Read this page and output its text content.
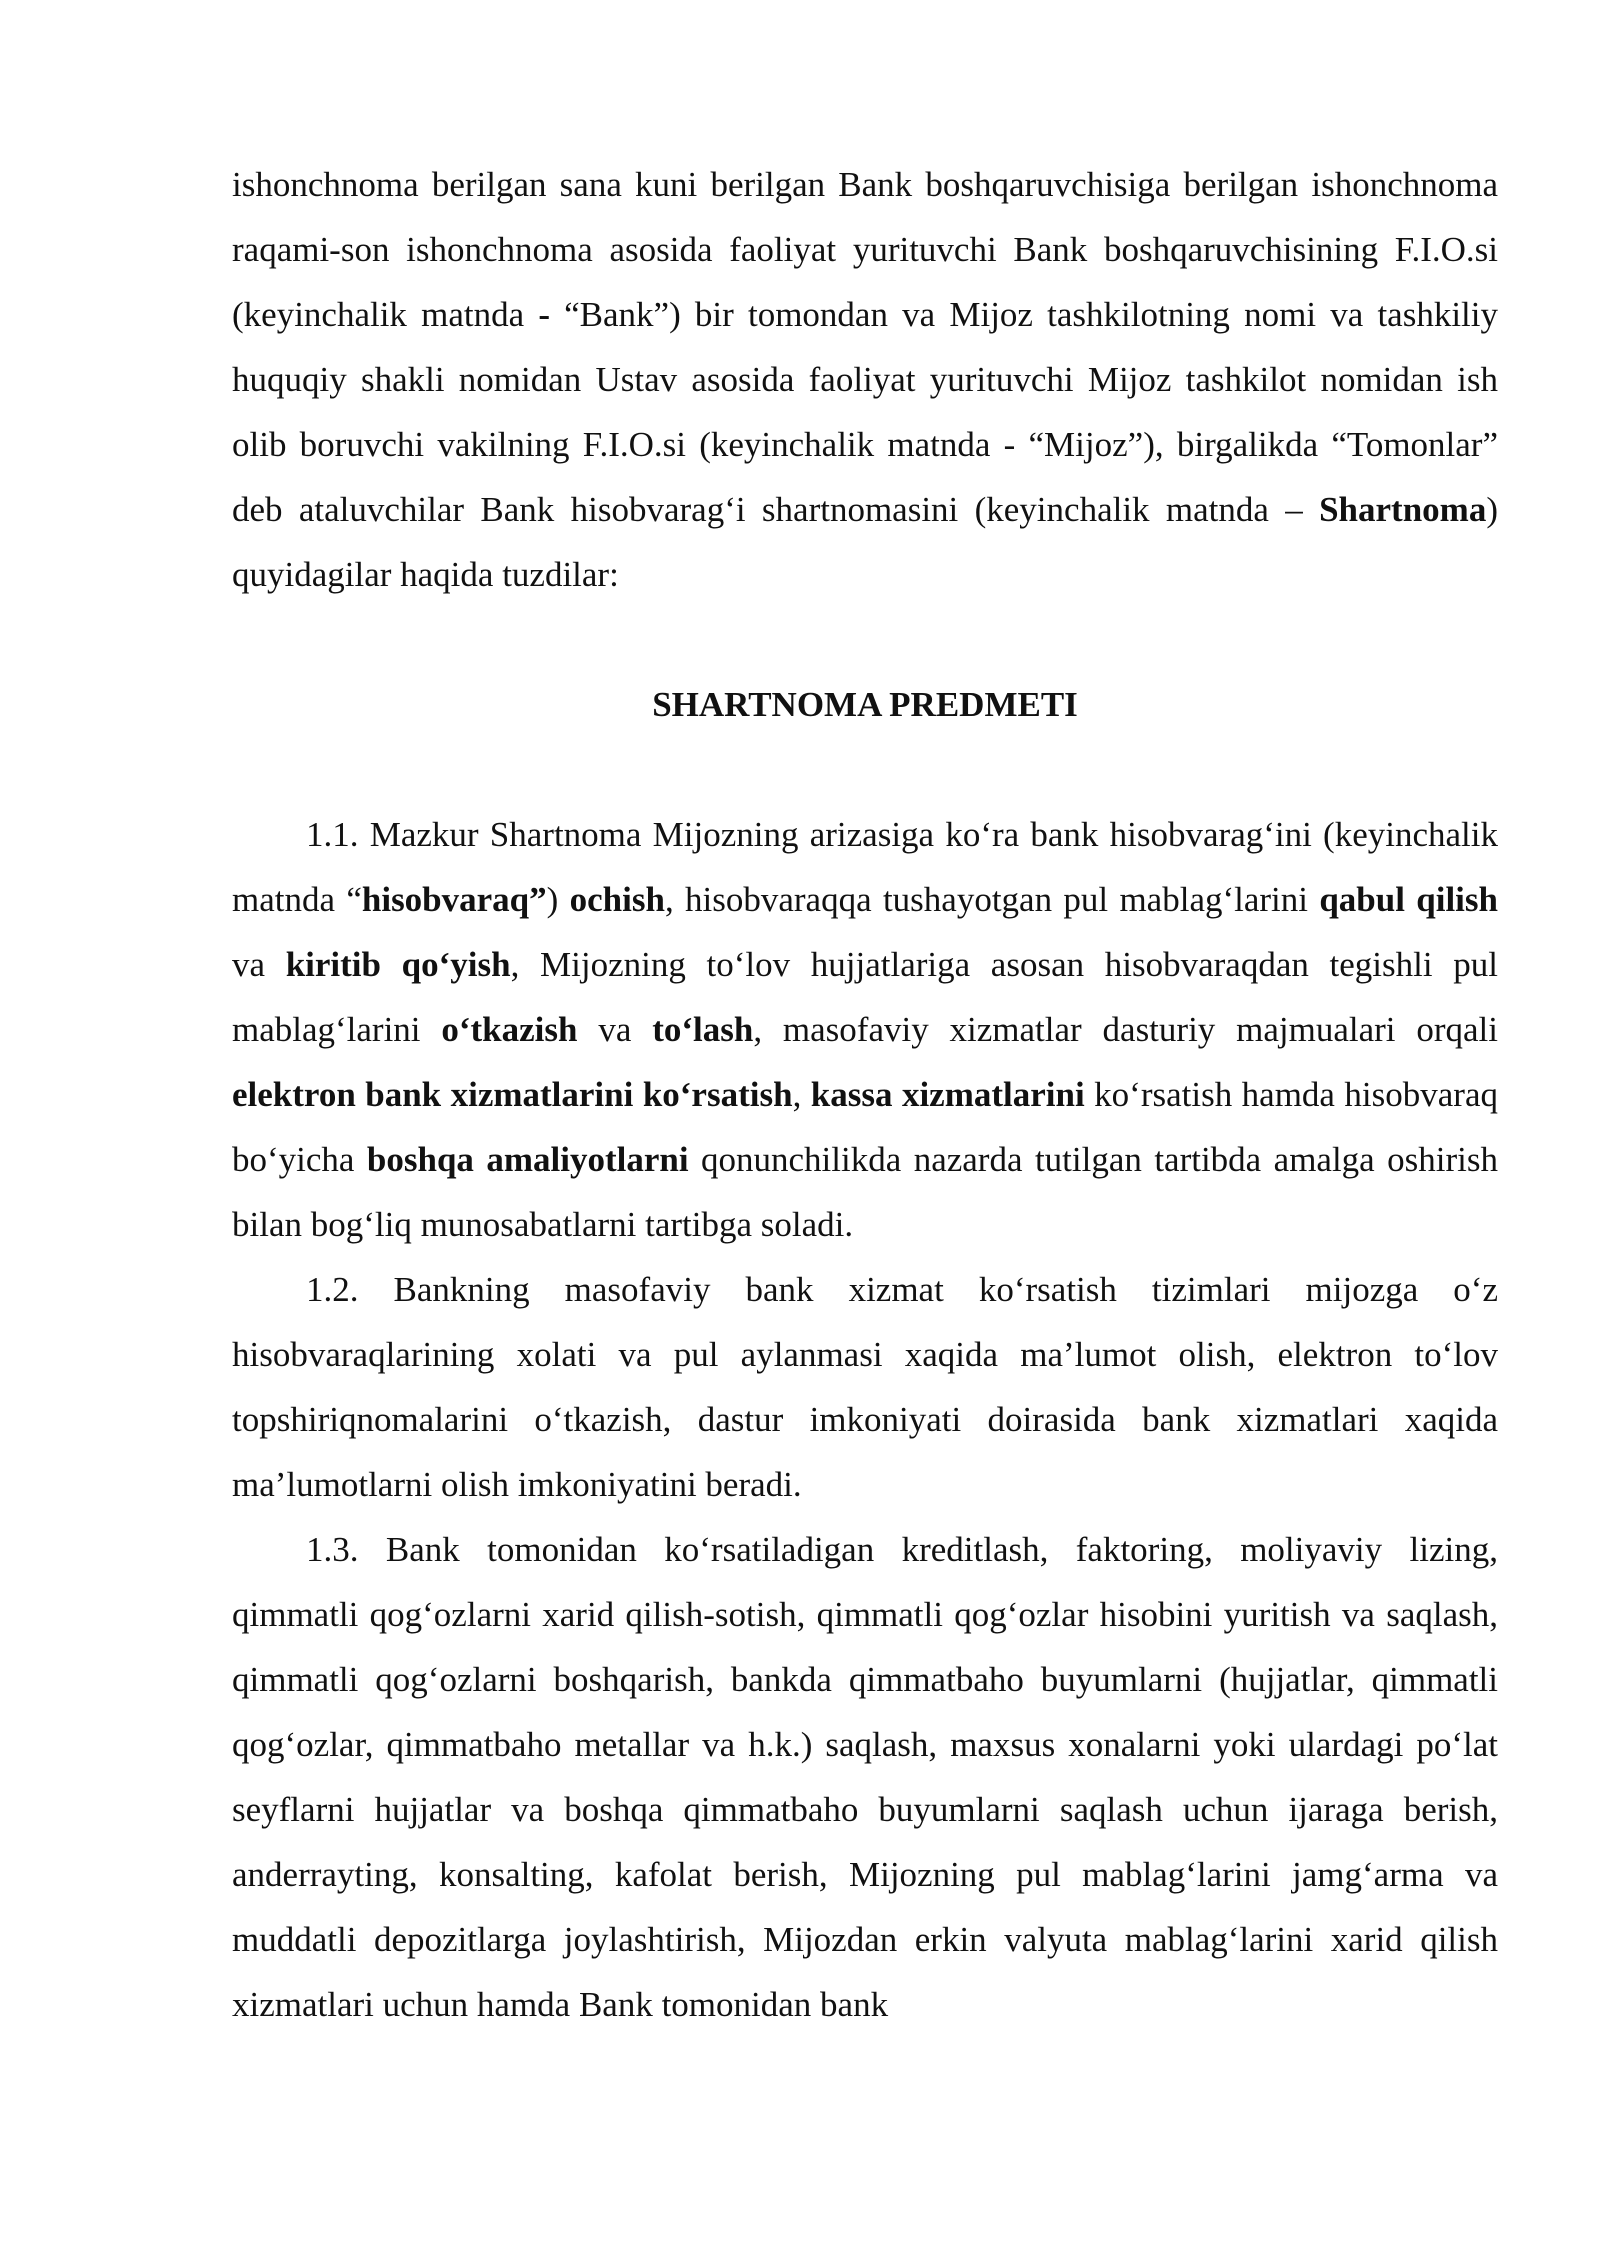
ishonchnoma berilgan sana kuni berilgan Bank boshqaruvchisiga berilgan ishonchnoma raqami-son ishonchnoma asosida faoliyat yurituvchi Bank boshqaruvchisining F.I.O.si (keyinchalik matnda - “Bank”) bir tomondan va Mijoz tashkilotning nomi va tashkiliy huquqiy shakli nomidan Ustav asosida faoliyat yurituvchi Mijoz tashkilot nomidan ish olib boruvchi vakilning F.I.O.si (keyinchalik matnda - “Mijoz”), birgalikda “Tomonlar” deb ataluvchilar Bank hisobvarag‘i shartnomasini (keyinchalik matnda – Shartnoma) quyidagilar haqida tuzdilar:

SHARTNOMA PREDMETI

1.1. Mazkur Shartnoma Mijozning arizasiga ko‘ra bank hisobvarag‘ini (keyinchalik matnda “hisobvaraq”) ochish, hisobvaraqqa tushayotgan pul mablag‘larini qabul qilish va kiritib qo‘yish, Mijozning to‘lov hujjatlariga asosan hisobvaraqdan tegishli pul mablag‘larini o‘tkazish va to‘lash, masofaviy xizmatlar dasturiy majmualari orqali elektron bank xizmatlarini ko‘rsatish, kassa xizmatlarini ko‘rsatish hamda hisobvaraq bo‘yicha boshqa amaliyotlarni qonunchilikda nazarda tutilgan tartibda amalga oshirish bilan bog‘liq munosabatlarni tartibga soladi.

1.2. Bankning masofaviy bank xizmat ko‘rsatish tizimlari mijozga o‘z hisobvaraqlarining xolati va pul aylanmasi xaqida ma’lumot olish, elektron to‘lov topshiriqnomalarini o‘tkazish, dastur imkoniyati doirasida bank xizmatlari xaqida ma’lumotlarni olish imkoniyatini beradi.

1.3. Bank tomonidan ko‘rsatiladigan kreditlash, faktoring, moliyaviy lizing, qimmatli qog‘ozlarni xarid qilish-sotish, qimmatli qog‘ozlar hisobini yuritish va saqlash, qimmatli qog‘ozlarni boshqarish, bankda qimmatbaho buyumlarni (hujjatlar, qimmatli qog‘ozlar, qimmatbaho metallar va h.k.) saqlash, maxsus xonalarni yoki ulardagi po‘lat seyflarni hujjatlar va boshqa qimmatbaho buyumlarni saqlash uchun ijaraga berish, anderrayting, konsalting, kafolat berish, Mijozning pul mablag‘larini jamg‘arma va muddatli depozitlarga joylashtirish, Mijozdan erkin valyuta mablag‘larini xarid qilish xizmatlari uchun hamda Bank tomonidan bank
